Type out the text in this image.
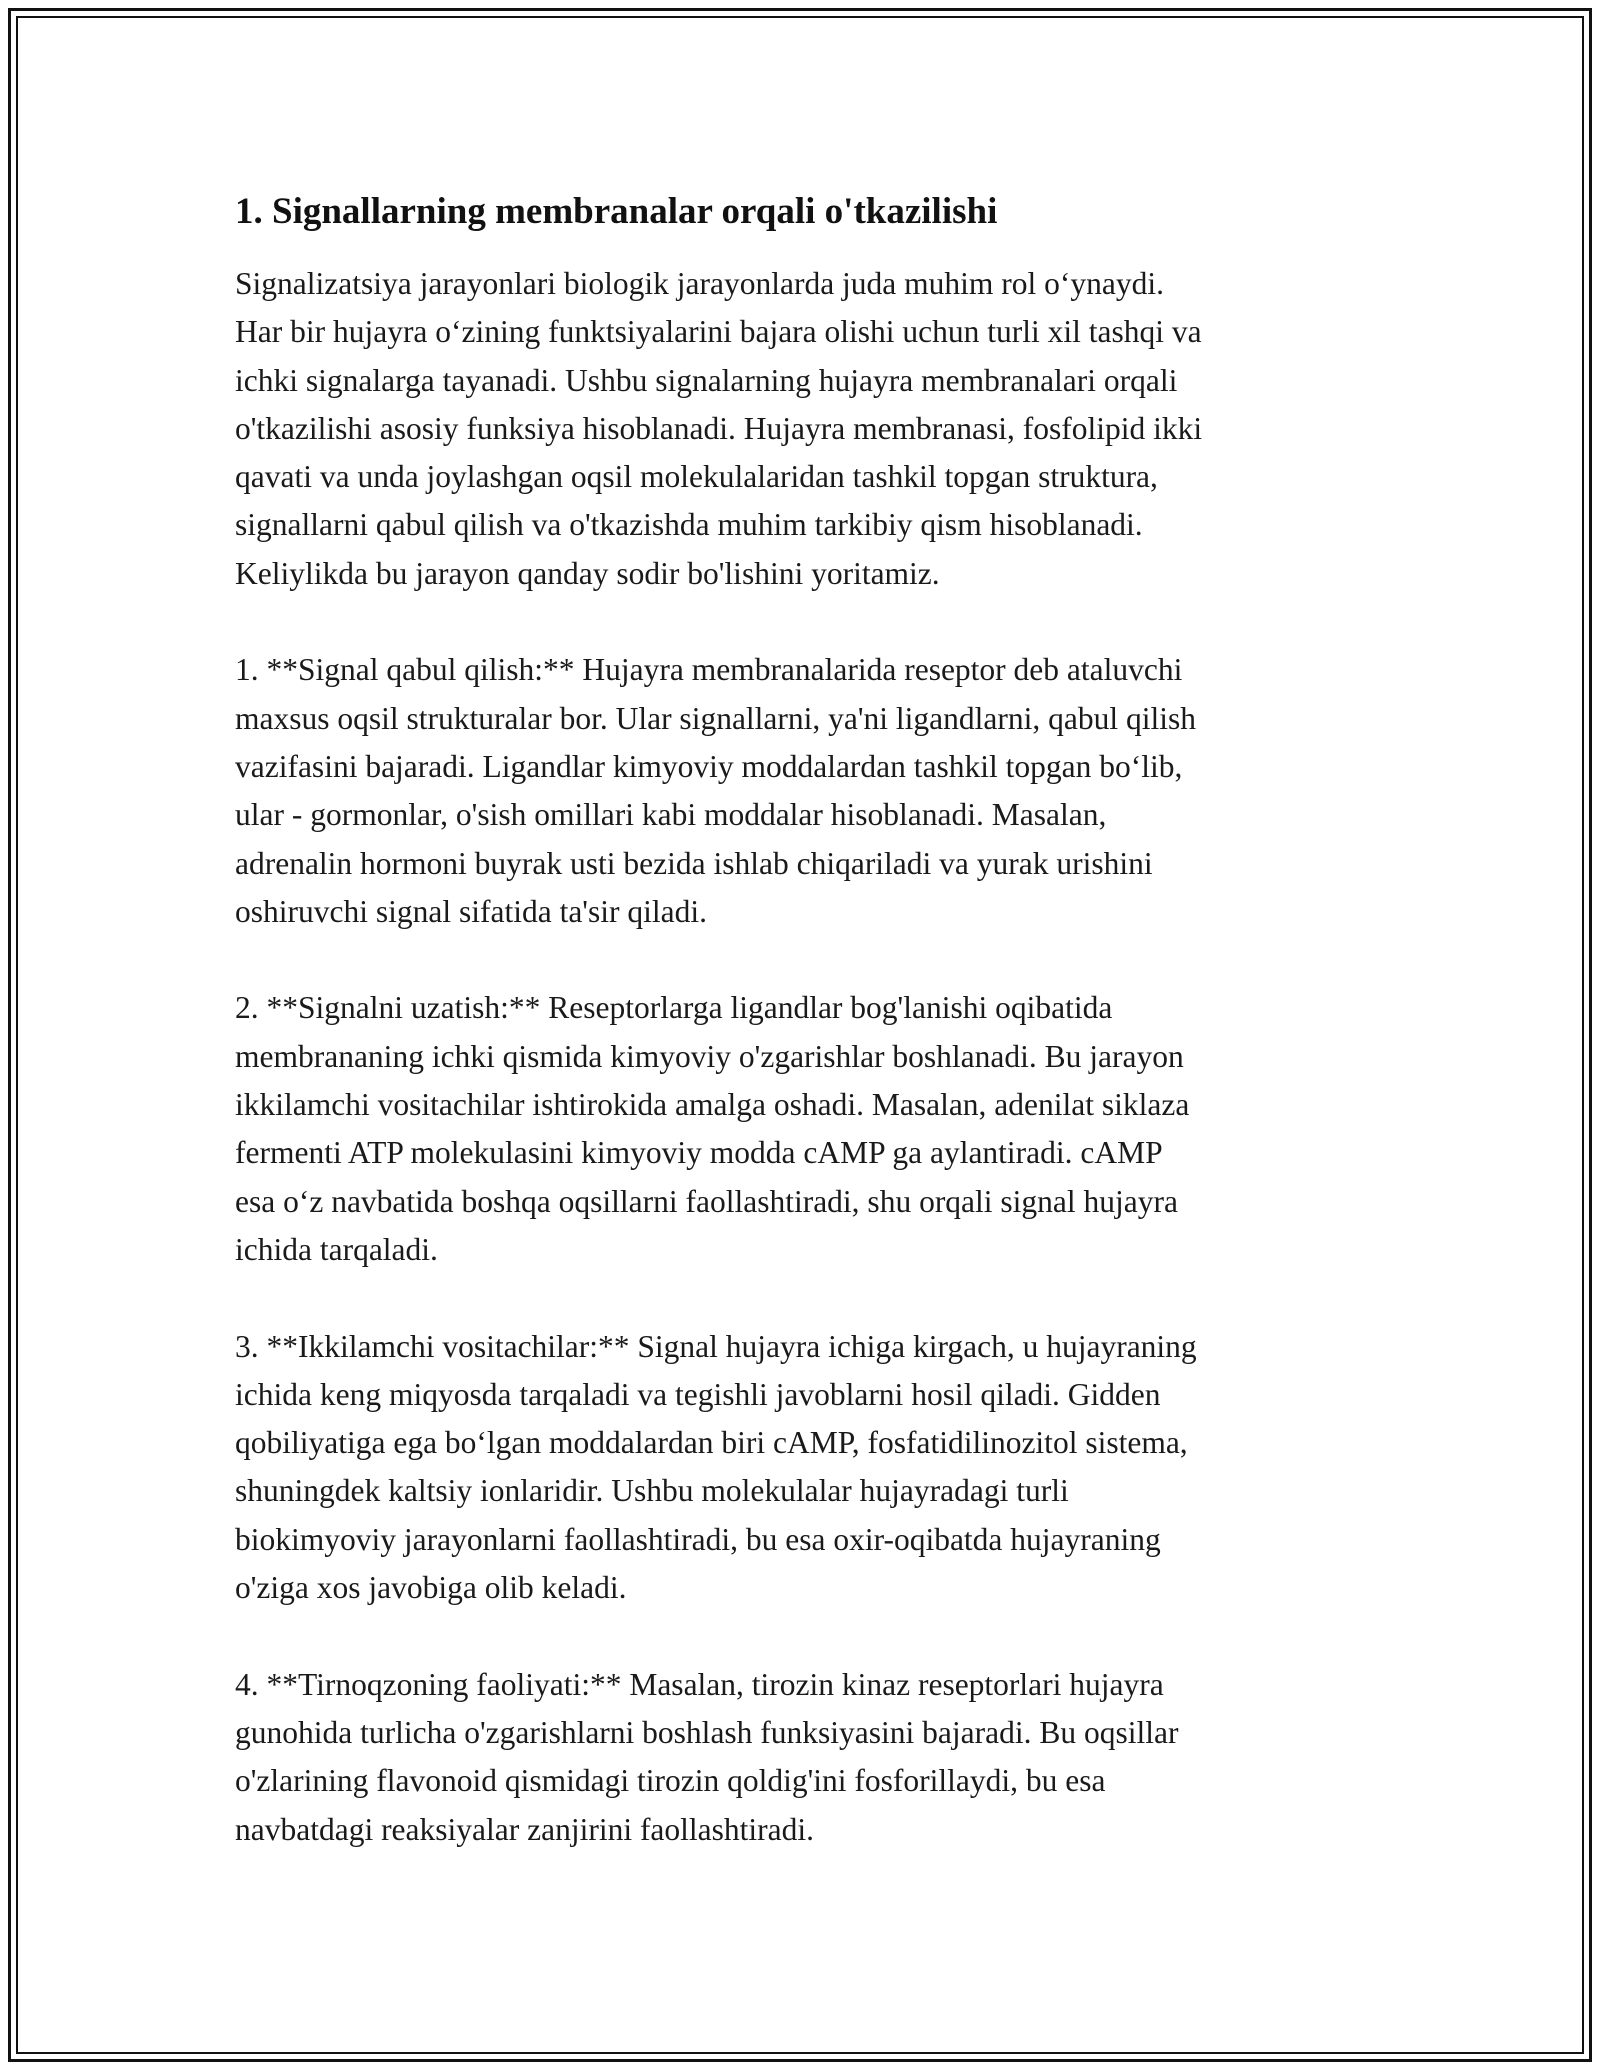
1. Signallarning membranalar orqali o'tkazilishi

Signalizatsiya jarayonlari biologik jarayonlarda juda muhim rol o‘ynaydi.
Har bir hujayra o‘zining funktsiyalarini bajara olishi uchun turli xil tashqi va
ichki signalarga tayanadi. Ushbu signalarning hujayra membranalari orqali
o'tkazilishi asosiy funksiya hisoblanadi. Hujayra membranasi, fosfolipid ikki
qavati va unda joylashgan oqsil molekulalaridan tashkil topgan struktura,
signallarni qabul qilish va o'tkazishda muhim tarkibiy qism hisoblanadi.
Keliylikda bu jarayon qanday sodir bo'lishini yoritamiz.

1. **Signal qabul qilish:** Hujayra membranalarida reseptor deb ataluvchi
maxsus oqsil strukturalar bor. Ular signallarni, ya'ni ligandlarni, qabul qilish
vazifasini bajaradi. Ligandlar kimyoviy moddalardan tashkil topgan bo‘lib,
ular - gormonlar, o'sish omillari kabi moddalar hisoblanadi. Masalan,
adrenalin hormoni buyrak usti bezida ishlab chiqariladi va yurak urishini
oshiruvchi signal sifatida ta'sir qiladi.

2. **Signalni uzatish:** Reseptorlarga ligandlar bog'lanishi oqibatida
membrananing ichki qismida kimyoviy o'zgarishlar boshlanadi. Bu jarayon
ikkilamchi vositachilar ishtirokida amalga oshadi. Masalan, adenilat siklaza
fermenti ATP molekulasini kimyoviy modda cAMP ga aylantiradi. cAMP
esa o‘z navbatida boshqa oqsillarni faollashtiradi, shu orqali signal hujayra
ichida tarqaladi.

3. **Ikkilamchi vositachilar:** Signal hujayra ichiga kirgach, u hujayraning
ichida keng miqyosda tarqaladi va tegishli javoblarni hosil qiladi. Gidden
qobiliyatiga ega bo‘lgan moddalardan biri cAMP, fosfatidilinozitol sistema,
shuningdek kaltsiy ionlaridir. Ushbu molekulalar hujayradagi turli
biokimyoviy jarayonlarni faollashtiradi, bu esa oxir-oqibatda hujayraning
o'ziga xos javobiga olib keladi.

4. **Tirnoqzoning faoliyati:** Masalan, tirozin kinaz reseptorlari hujayra
gunohida turlicha o'zgarishlarni boshlash funksiyasini bajaradi. Bu oqsillar
o'zlarining flavonoid qismidagi tirozin qoldig'ini fosforillaydi, bu esa
navbatdagi reaksiyalar zanjirini faollashtiradi.
